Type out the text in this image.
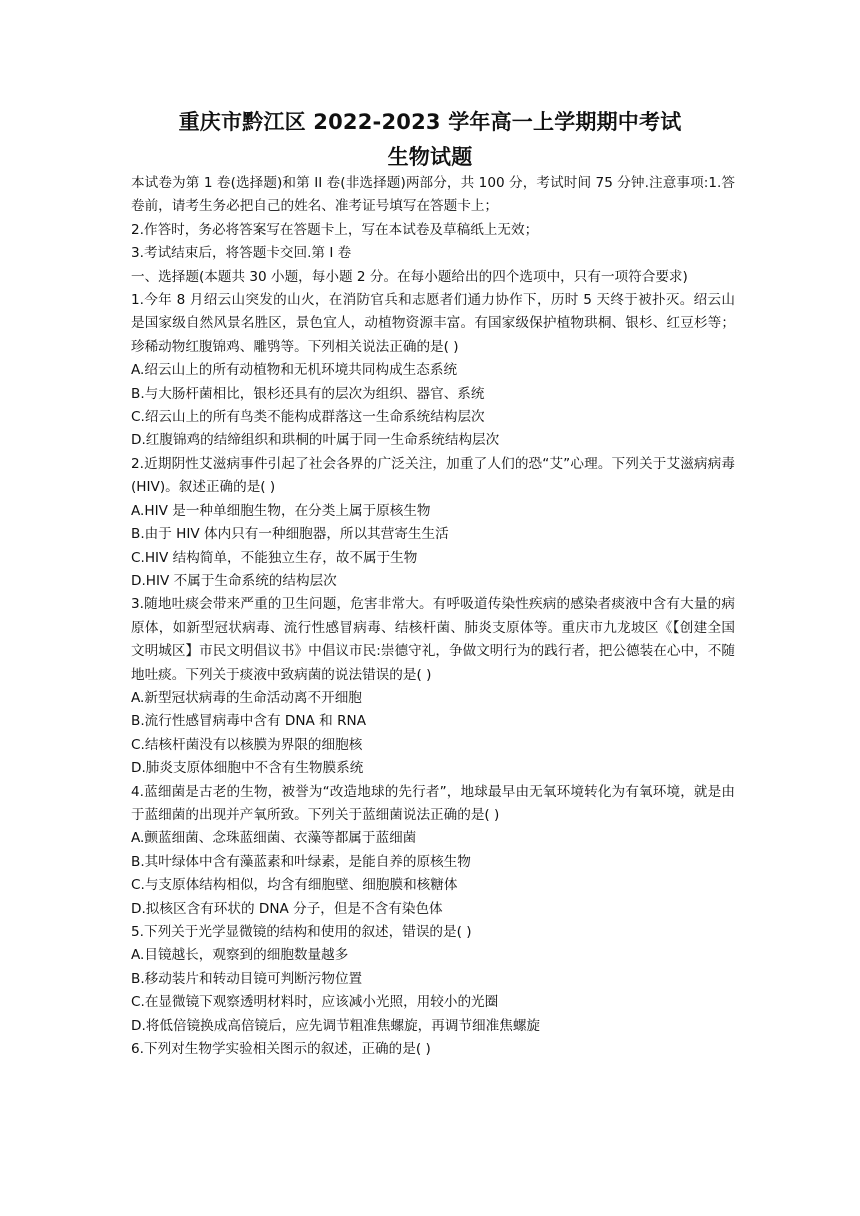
重庆市黔江区 2022-2023 学年高一上学期期中考试
生物试题

本试卷为第 1 卷(选择题)和第 II 卷(非选择题)两部分，共 100 分，考试时间 75 分钟.注意事项:1.答卷前，请考生务必把自己的姓名、准考证号填写在答题卡上；

2.作答时，务必将答案写在答题卡上，写在本试卷及草稿纸上无效；

3.考试结束后，将答题卡交回.第 I 卷

一、选择题(本题共 30 小题，每小题 2 分。在每小题给出的四个选项中，只有一项符合要求)

1.今年 8 月绍云山突发的山火，在消防官兵和志愿者们通力协作下，历时 5 天终于被扑灭。绍云山是国家级自然风景名胜区，景色宜人，动植物资源丰富。有国家级保护植物珙桐、银杉、红豆杉等；珍稀动物红腹锦鸡、雕鸮等。下列相关说法正确的是( )

A.绍云山上的所有动植物和无机环境共同构成生态系统

B.与大肠杆菌相比，银杉还具有的层次为组织、器官、系统

C.绍云山上的所有鸟类不能构成群落这一生命系统结构层次

D.红腹锦鸡的结缔组织和珙桐的叶属于同一生命系统结构层次

2.近期阴性艾滋病事件引起了社会各界的广泛关注，加重了人们的恐“艾”心理。下列关于艾滋病病毒(HIV)。叙述正确的是( )

A.HIV 是一种单细胞生物，在分类上属于原核生物

B.由于 HIV 体内只有一种细胞器，所以其营寄生生活

C.HIV 结构简单，不能独立生存，故不属于生物

D.HIV 不属于生命系统的结构层次

3.随地吐痰会带来严重的卫生问题，危害非常大。有呼吸道传染性疾病的感染者痰液中含有大量的病原体，如新型冠状病毒、流行性感冒病毒、结核杆菌、肺炎支原体等。重庆市九龙坡区《【创建全国文明城区】市民文明倡议书》中倡议市民:崇德守礼，争做文明行为的践行者，把公德装在心中，不随地吐痰。下列关于痰液中致病菌的说法错误的是( )

A.新型冠状病毒的生命活动离不开细胞

B.流行性感冒病毒中含有 DNA 和 RNA

C.结核杆菌没有以核膜为界限的细胞核

D.肺炎支原体细胞中不含有生物膜系统

4.蓝细菌是古老的生物，被誉为“改造地球的先行者”，地球最早由无氧环境转化为有氧环境，就是由于蓝细菌的出现并产氧所致。下列关于蓝细菌说法正确的是( )

A.颤蓝细菌、念珠蓝细菌、衣藻等都属于蓝细菌

B.其叶绿体中含有藻蓝素和叶绿素，是能自养的原核生物

C.与支原体结构相似，均含有细胞壁、细胞膜和核糖体

D.拟核区含有环状的 DNA 分子，但是不含有染色体

5.下列关于光学显微镜的结构和使用的叙述，错误的是( )

A.目镜越长，观察到的细胞数量越多

B.移动装片和转动目镜可判断污物位置

C.在显微镜下观察透明材料时，应该减小光照，用较小的光圈

D.将低倍镜换成高倍镜后，应先调节粗准焦螺旋，再调节细准焦螺旋

6.下列对生物学实验相关图示的叙述，正确的是( )
